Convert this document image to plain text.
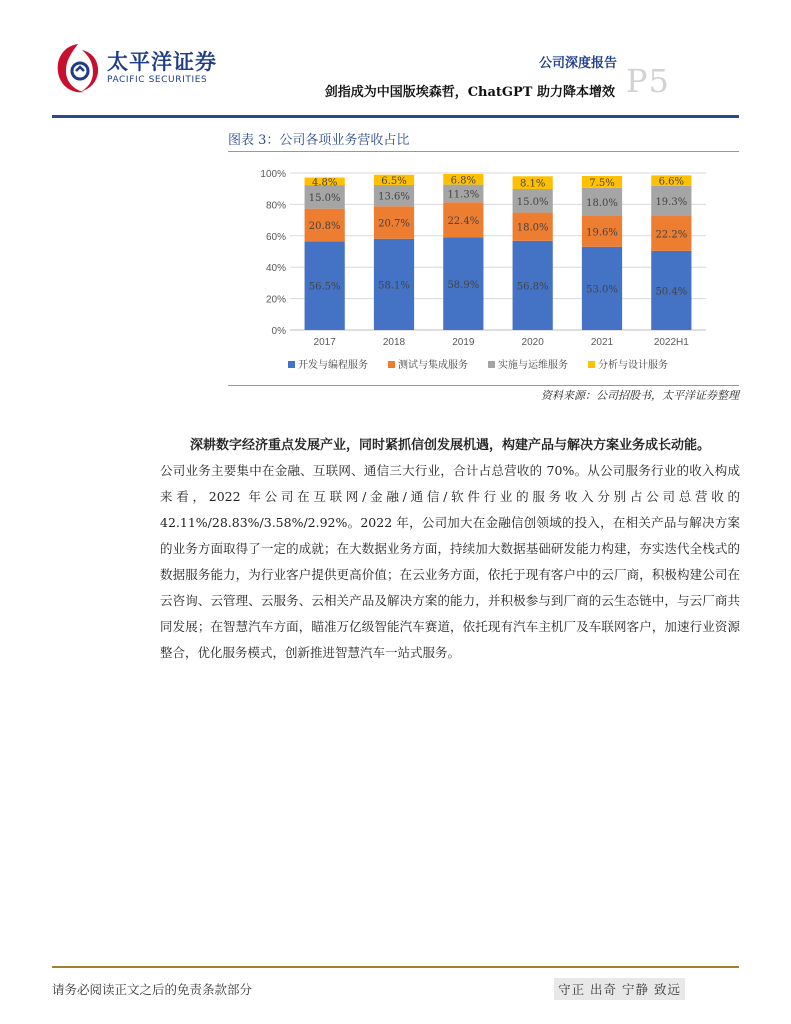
太平洋证券
PACIFIC SECURITIES
公司深度报告
剑指成为中国版埃森哲，ChatGPT 助力降本增效 P5
图表 3：公司各项业务营收占比
0%
20%
40%
60%
80%
100%
56.5%
20.8%
15.0%
4.8%
2017
58.1%
20.7%
13.6%
6.5%
2018
58.9%
22.4%
11.3%
6.8%
2019
56.8%
18.0%
15.0%
8.1%
2020
53.0%
19.6%
18.0%
7.5%
2021
50.4%
22.2%
19.3%
6.6%
2022H1
开发与编程服务	测试与集成服务	实施与运维服务	分析与设计服务
资料来源：公司招股书，太平洋证券整理
深耕数字经济重点发展产业，同时紧抓信创发展机遇，构建产品与解决方案业务成长动能。
公司业务主要集中在金融、互联网、通信三大行业，合计占总营收的 70%。从公司服务行业的收入构成来看，2022 年公司在互联网/金融/通信/软件行业的服务收入分别占公司总营收的 42.11%/28.83%/3.58%/2.92%。2022 年，公司加大在金融信创领域的投入，在相关产品与解决方案的业务方面取得了一定的成就；在大数据业务方面，持续加大数据基础研发能力构建，夯实迭代全栈式的数据服务能力，为行业客户提供更高价值；在云业务方面，依托于现有客户中的云厂商，积极构建公司在云咨询、云管理、云服务、云相关产品及解决方案的能力，并积极参与到厂商的云生态链中，与云厂商共同发展；在智慧汽车方面，瞄准万亿级智能汽车赛道，依托现有汽车主机厂及车联网客户，加速行业资源整合，优化服务模式，创新推进智慧汽车一站式服务。
请务必阅读正文之后的免责条款部分	守正 出奇 宁静 致远
